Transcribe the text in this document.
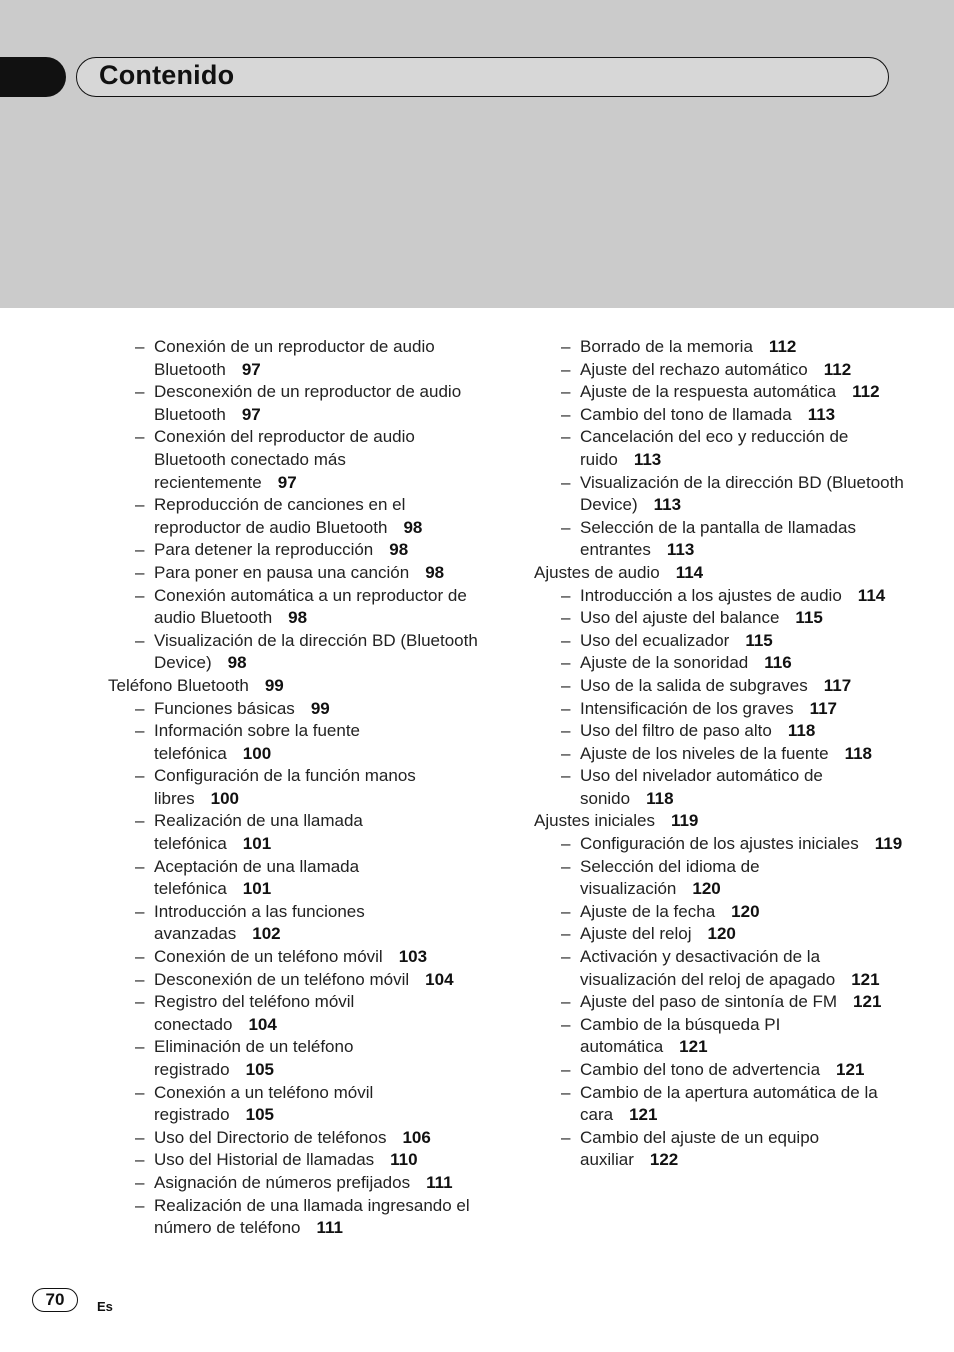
Contenido
– Conexión de un reproductor de audio Bluetooth 97
– Desconexión de un reproductor de audio Bluetooth 97
– Conexión del reproductor de audio Bluetooth conectado más recientemente 97
– Reproducción de canciones en el reproductor de audio Bluetooth 98
– Para detener la reproducción 98
– Para poner en pausa una canción 98
– Conexión automática a un reproductor de audio Bluetooth 98
– Visualización de la dirección BD (Bluetooth Device) 98
Teléfono Bluetooth 99
– Funciones básicas 99
– Información sobre la fuente telefónica 100
– Configuración de la función manos libres 100
– Realización de una llamada telefónica 101
– Aceptación de una llamada telefónica 101
– Introducción a las funciones avanzadas 102
– Conexión de un teléfono móvil 103
– Desconexión de un teléfono móvil 104
– Registro del teléfono móvil conectado 104
– Eliminación de un teléfono registrado 105
– Conexión a un teléfono móvil registrado 105
– Uso del Directorio de teléfonos 106
– Uso del Historial de llamadas 110
– Asignación de números prefijados 111
– Realización de una llamada ingresando el número de teléfono 111
– Borrado de la memoria 112
– Ajuste del rechazo automático 112
– Ajuste de la respuesta automática 112
– Cambio del tono de llamada 113
– Cancelación del eco y reducción de ruido 113
– Visualización de la dirección BD (Bluetooth Device) 113
– Selección de la pantalla de llamadas entrantes 113
Ajustes de audio 114
– Introducción a los ajustes de audio 114
– Uso del ajuste del balance 115
– Uso del ecualizador 115
– Ajuste de la sonoridad 116
– Uso de la salida de subgraves 117
– Intensificación de los graves 117
– Uso del filtro de paso alto 118
– Ajuste de los niveles de la fuente 118
– Uso del nivelador automático de sonido 118
Ajustes iniciales 119
– Configuración de los ajustes iniciales 119
– Selección del idioma de visualización 120
– Ajuste de la fecha 120
– Ajuste del reloj 120
– Activación y desactivación de la visualización del reloj de apagado 121
– Ajuste del paso de sintonía de FM 121
– Cambio de la búsqueda PI automática 121
– Cambio del tono de advertencia 121
– Cambio de la apertura automática de la cara 121
– Cambio del ajuste de un equipo auxiliar 122
70	Es
